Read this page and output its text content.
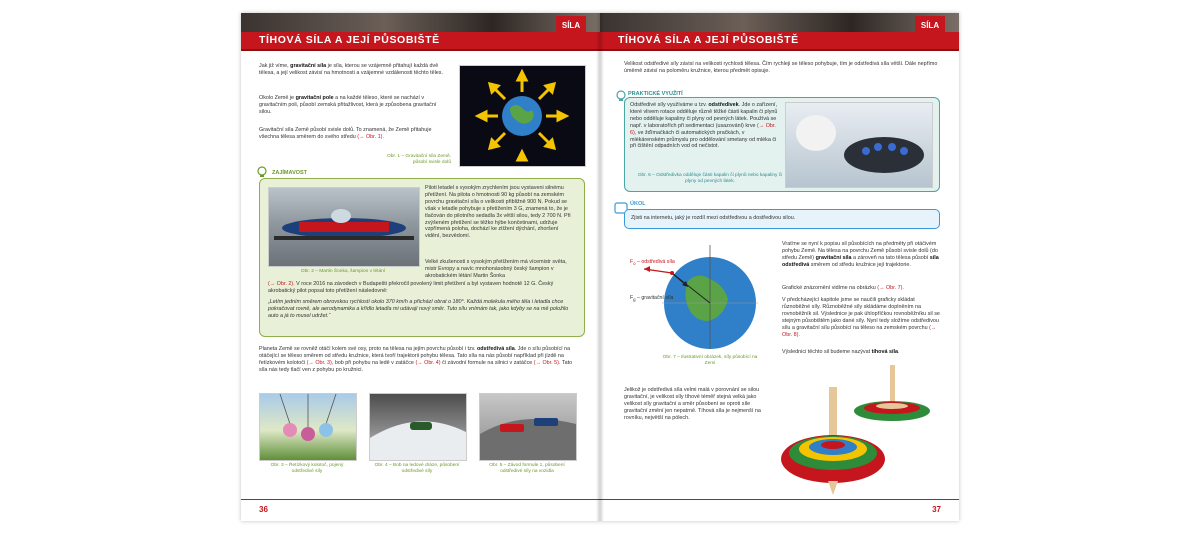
SÍLA
TÍHOVÁ SÍLA A JEJÍ PŮSOBIŠTĚ
Jak již víme, gravitační síla je síla, kterou se vzájemně přitahují každá dvě tělesa, a její velikost závisí na hmotnosti a vzájemné vzdálenosti těchto těles.
Okolo Země je gravitační pole a na každé těleso, které se nachází v gravitačním poli, působí zemská přitažlivost, která je způsobena gravitační silou.
Gravitační síla Země působí svisle dolů. To znamená, že Země přitahuje všechna tělesa směrem do svého středu (→ Obr. 1).
Obr. 1 – Gravitační síla Země, působí svisle dolů
ZAJÍMAVOST
Obr. 2 – Martin Šonka, šampion v létání
Piloti letadel s vysokým zrychlením jsou vystaveni silnému přetížení. Na pilota o hmotnosti 90 kg působí na zemském povrchu gravitační síla o velikosti přibližně 900 N. Pokud se však v letadle pohybuje s přetížením 3 G, znamená to, že je tlačován do pilotního sedadla 3x větší silou, tedy 2 700 N. Při zvýšeném přetížení se těžko hýbe končetinami, udržuje vzpřímená poloha, dochází ke ztížení dýchání, zhoršení vidění, bezvědomí.
Velké zkušenosti s vysokým přetížením má vícemistr světa, mistr Evropy a navíc mnohonásobný český šampion v akrobatickém létání Martin Šonka
(→ Obr. 2). V roce 2016 na závodech v Budapešti překročil povolený limit přetížení a byl vystaven hodnotě 12 G. Český akrobatický pilot popsal toto přetížení následovně:
„Letím jedním směrem obrovskou rychlostí okolo 370 km/h a přichází obrat o 180°. Každá molekula mého těla i letadla chce pokračovat rovně, ale aerodynamika a křídlo letadla mi udávají nový směr. Tuto sílu vnímám tak, jako kdyby se na mě položilo auto a já to musel udržet.“
Planeta Země se rovněž otáčí kolem své osy, proto na tělesa na jejím povrchu působí i tzv. odstředivá síla. Jde o sílu působící na otáčející se těleso směrem od středu kružnice, která tvoří trajektorii pohybu tělesa. Tato síla na nás působí například při jízdě na řetízkovém kolotoči (→ Obr. 3), bob při pohybu na ledě v zatáčce (→ Obr. 4) či závodní formule na silnici v zatáčce (→ Obr. 5). Tato síla nás tedy tlačí ven z pohybu po kružnici.
Obr. 3 – Řetízkový kolotoč, pojený odstředivé síly
Obr. 4 – Bob na ledové dráze, působení odstředivé síly
Obr. 5 – Závod formule 1, působení odstředivé síly na vozidla
36
SÍLA
TÍHOVÁ SÍLA A JEJÍ PŮSOBIŠTĚ
Velikost odstředivé síly závisí na velikosti rychlosti tělesa. Čím rychleji se těleso pohybuje, tím je odstředivá síla větší. Dále nepřímo úměrně závisí na poloměru kružnice, kterou předmět opisuje.
PRAKTICKÉ VYUŽITÍ
Odstředivé síly využíváme u tzv. odstředivek. Jde o zařízení, které vlivem rotace odděluje různě těžké části kapalin či plynů nebo odděluje kapaliny či plyny od pevných látek. Používá se např. v laboratořích při sedimentaci (usazování) krve (→ Obr. 6), ve žďímačkách či automatických pračkách, v mlékárenském průmyslu pro oddělování smetany od mléka či při čištění odpadních vod od nečistot.
Obr. 6 – Odstředivka odděluje části kapalin či plynů nebo kapaliny či plyny od pevných látek.
ÚKOL
Zjisti na internetu, jaký je rozdíl mezi odstředivou a dostředivou silou.
$F_o$ – odstředivá síla
$F_g$ – gravitační síla
Obr. 7 – Ilustrativní obrázek, síly působící na Zemi
Vraťme se nyní k popisu sil působících na předměty při otáčivém pohybu Země. Na tělesa na povrchu Země působí svisle dolů (do středu Země) gravitační síla a zároveň na tato tělesa působí síla odstředivá směrem od středu kružnice její trajektorie.
Grafické znázornění vidíme na obrázku (→ Obr. 7).
V předcházející kapitole jsme se naučili graficky skládat různoběžné síly. Různoběžné síly skládáme doplněním na rovnoběžník sil. Výslednice je pak úhlopříčkou rovnoběžníku sil se stejným působištěm jako dané síly. Nyní tedy složíme odstředivou sílu a gravitační sílu působící na těleso na zemském povrchu (→ Obr. 8).
Výslednici těchto sil budeme nazývat tíhová síla.
Jelikož je odstředivá síla velmi malá v porovnání se silou gravitační, je velikost síly tíhové téměř stejná velká jako velikost síly gravitační a směr působení se oproti síle gravitační změní jen nepatrně. Tíhová síla je nejmenší na rovníku, největší na pólech.
37
